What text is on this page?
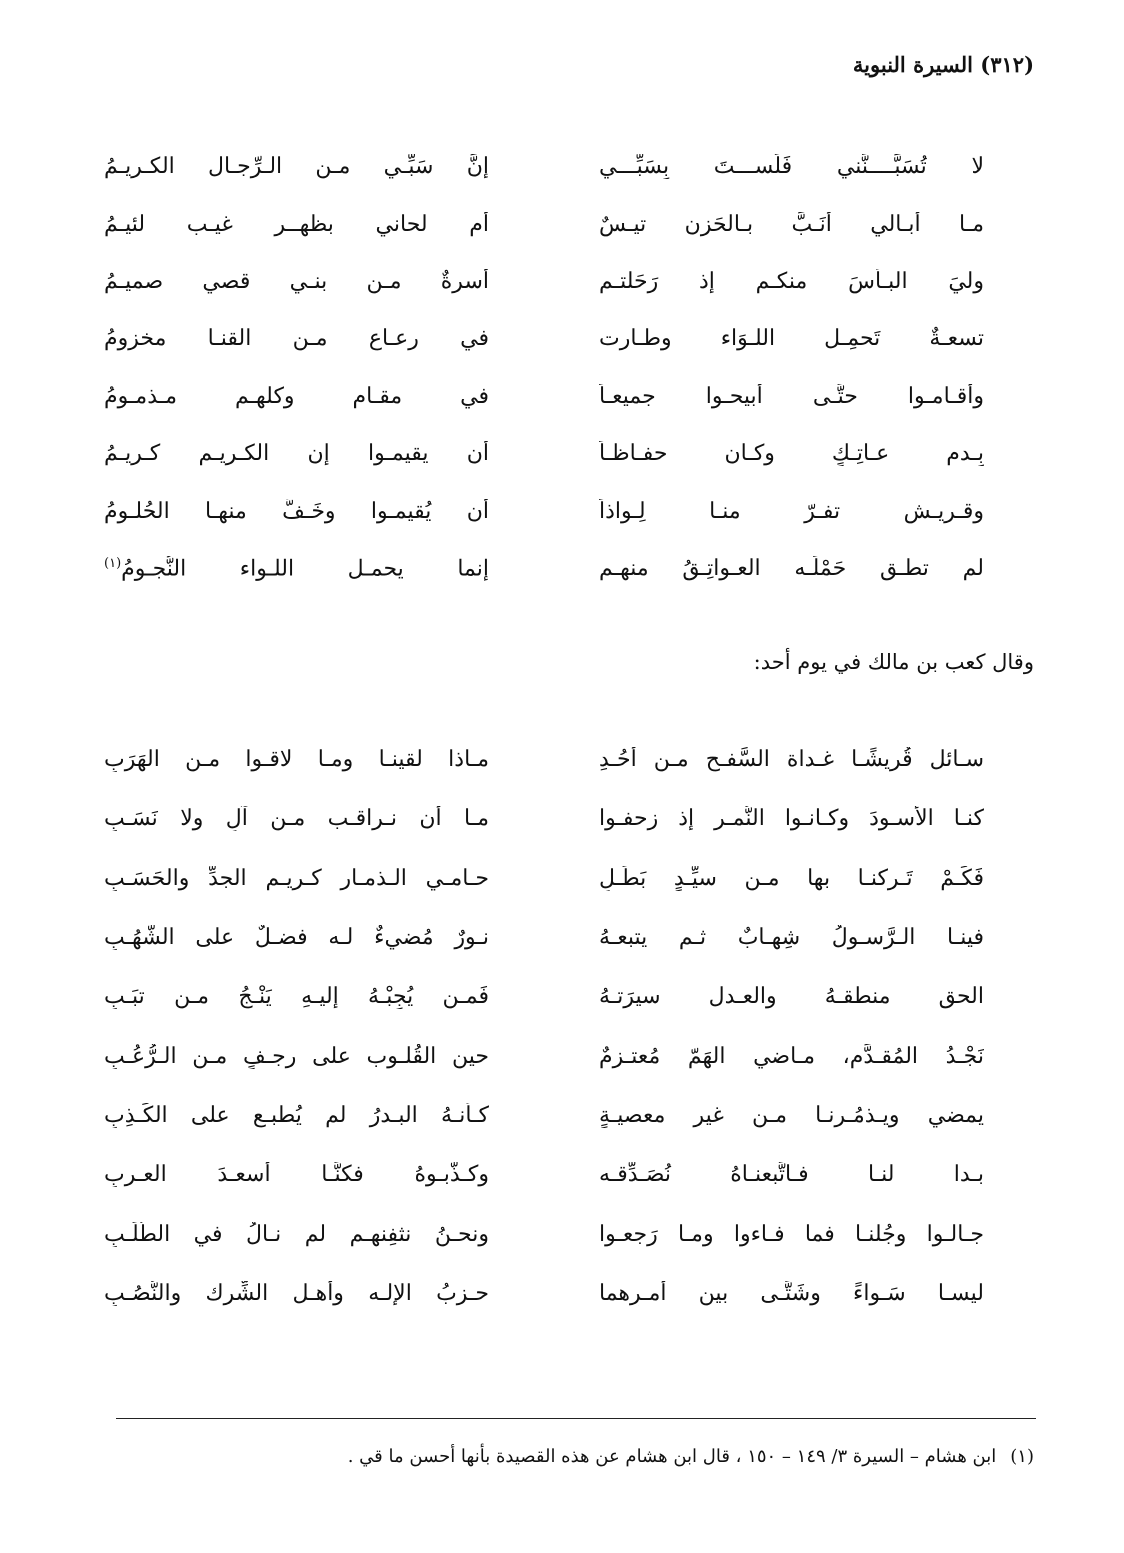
(٣١٢) السيرة النبوية
لا تُسَبَّــــنَّني فَلَســـتَ بِسَبِّـــي
إنَّ سَبِّـي مـن الـرِّجـال الكـريـمُ
مـا أُبـالي أَنَـبَّ بـالحَزن تيـسٌ
أم لحاني بظهــر غيـب لئيـمُ
وليَ البـأْسَ منكـم إذ رَحَلتـم
أسرةٌ مـن بنـي قصي صميـمُ
تسعـةٌ تَحمِـل اللـوَاء وطـارت
في رعـاع مـن القنـا مخزومُ
وأقـامـوا حتَّـى أُبيحـوا جميعـاً
في مقـام وكلهـم مـذمـومُ
بِـدمِ عـاتِـكٍ وكـان حفـاظـاً
أن يقيمـوا إن الكـريـم كـريـمُ
وقـريـش تفـرّ منـا لِـواذاً
أن يُقيمـوا وخَـفَّ منهـا الحُلـومُ
لم تطـق حَمْلَـه العـواتِـقُ منهـم
إنما يحمـل اللـواء النُّجـومُ$^{(١)}$
وقال كعب بن مالك في يوم أحد:
سـائل قُريشًـا غـداة السَّفـحِ مـن أُحُـدِ
مـاذا لقينـا ومـا لاقـوا مـن الهَرَبِ
كنـا الأسـودَ وكـانـوا النُّمـر إذ زحفـوا
مـا أن نـراقـب مـن آلٍ ولا نَسَـبِ
فَكَـمْ تَـركنـا بها مـن سيِّـدٍ بَطَـلٍ
حـامـي الـذمـار كـريـم الجدِّ والحَسَـبِ
فينـا الـرَّسـولُ شِهـابٌ ثـم يتبعـهُ
نـورٌ مُضيءٌ لـه فضـلٌ على الشُّهُـبِ
الحق منطقـهُ والعـدل سيرَتـهُ
فَمـن يُجِبْـهُ إليـهِ يَنْـجُ مـن تبَـبِ
نَجْـدُ المُقـدَّم، مـاضي الهَمّ مُعتـزمٌ
حين القُلـوب على رجـفٍ مـن الـرُّعُـبِ
يمضي ويـذمُـرنـا مـن غيرِ معصيـةٍ
كـأنـهُ البـدرُ لم يُطبـع على الكَـذِبِ
بـدا لنـا فـاتَّبعنـاهُ نُصَـدِّقـه
وكـذَّبـوهُ فكنَّـا أسعـدَ العـربِ
جـالـوا وجُلنـا فما فـاءوا ومـا رَجعـوا
ونحـنُ نثفِنهـم لم نـالُ في الطَّلَـبِ
ليسـا سَـواءً وشَتَّـى بين أمـرِهما
حـزبُ الإلـه وأهـل الشِّرك والنُّصُـبِ
(١)ابن هشام – السيرة ٣/ ١٤٩ – ١٥٠ ، قال ابن هشام عن هذه القصيدة بأنها أحسن ما قي .
